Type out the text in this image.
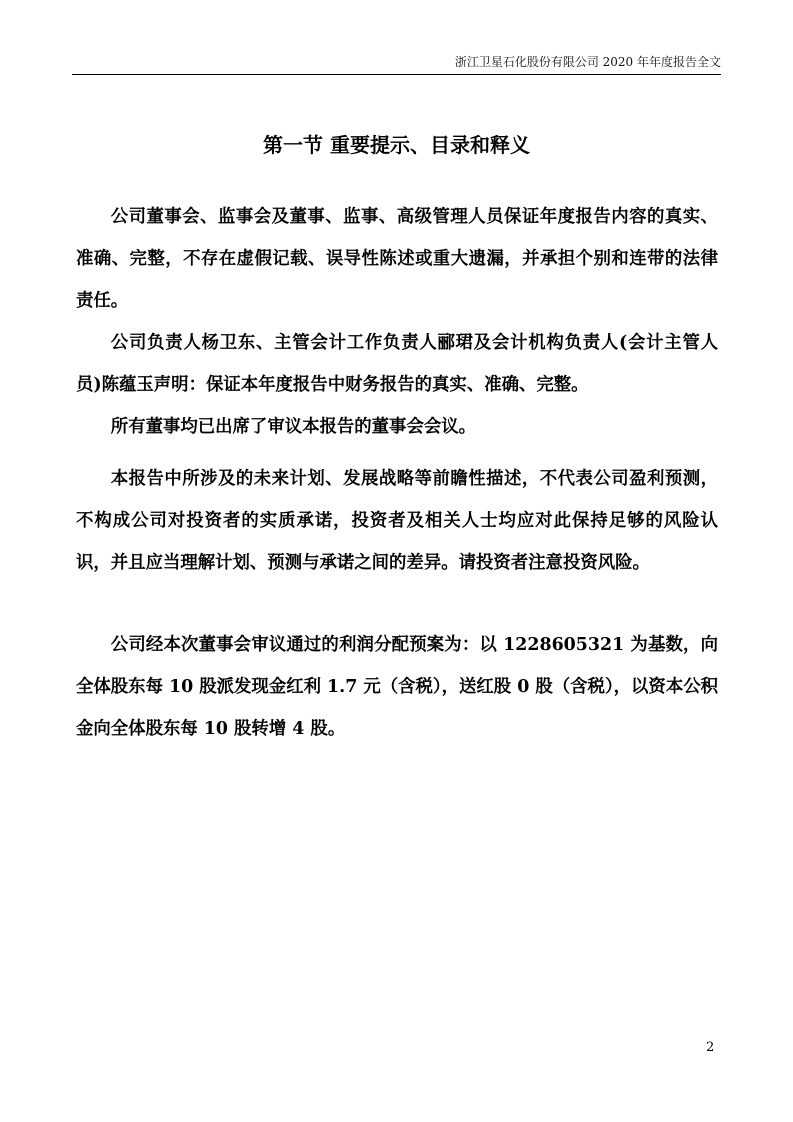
浙江卫星石化股份有限公司 2020 年年度报告全文
第一节 重要提示、目录和释义

公司董事会、监事会及董事、监事、高级管理人员保证年度报告内容的真实、准确、完整，不存在虚假记载、误导性陈述或重大遗漏，并承担个别和连带的法律责任。

公司负责人杨卫东、主管会计工作负责人郦珺及会计机构负责人(会计主管人员)陈蕴玉声明：保证本年度报告中财务报告的真实、准确、完整。

所有董事均已出席了审议本报告的董事会会议。

本报告中所涉及的未来计划、发展战略等前瞻性描述，不代表公司盈利预测，不构成公司对投资者的实质承诺，投资者及相关人士均应对此保持足够的风险认识，并且应当理解计划、预测与承诺之间的差异。请投资者注意投资风险。

公司经本次董事会审议通过的利润分配预案为：以 1228605321 为基数，向全体股东每 10 股派发现金红利 1.7 元（含税），送红股 0 股（含税），以资本公积金向全体股东每 10 股转增 4 股。

2
